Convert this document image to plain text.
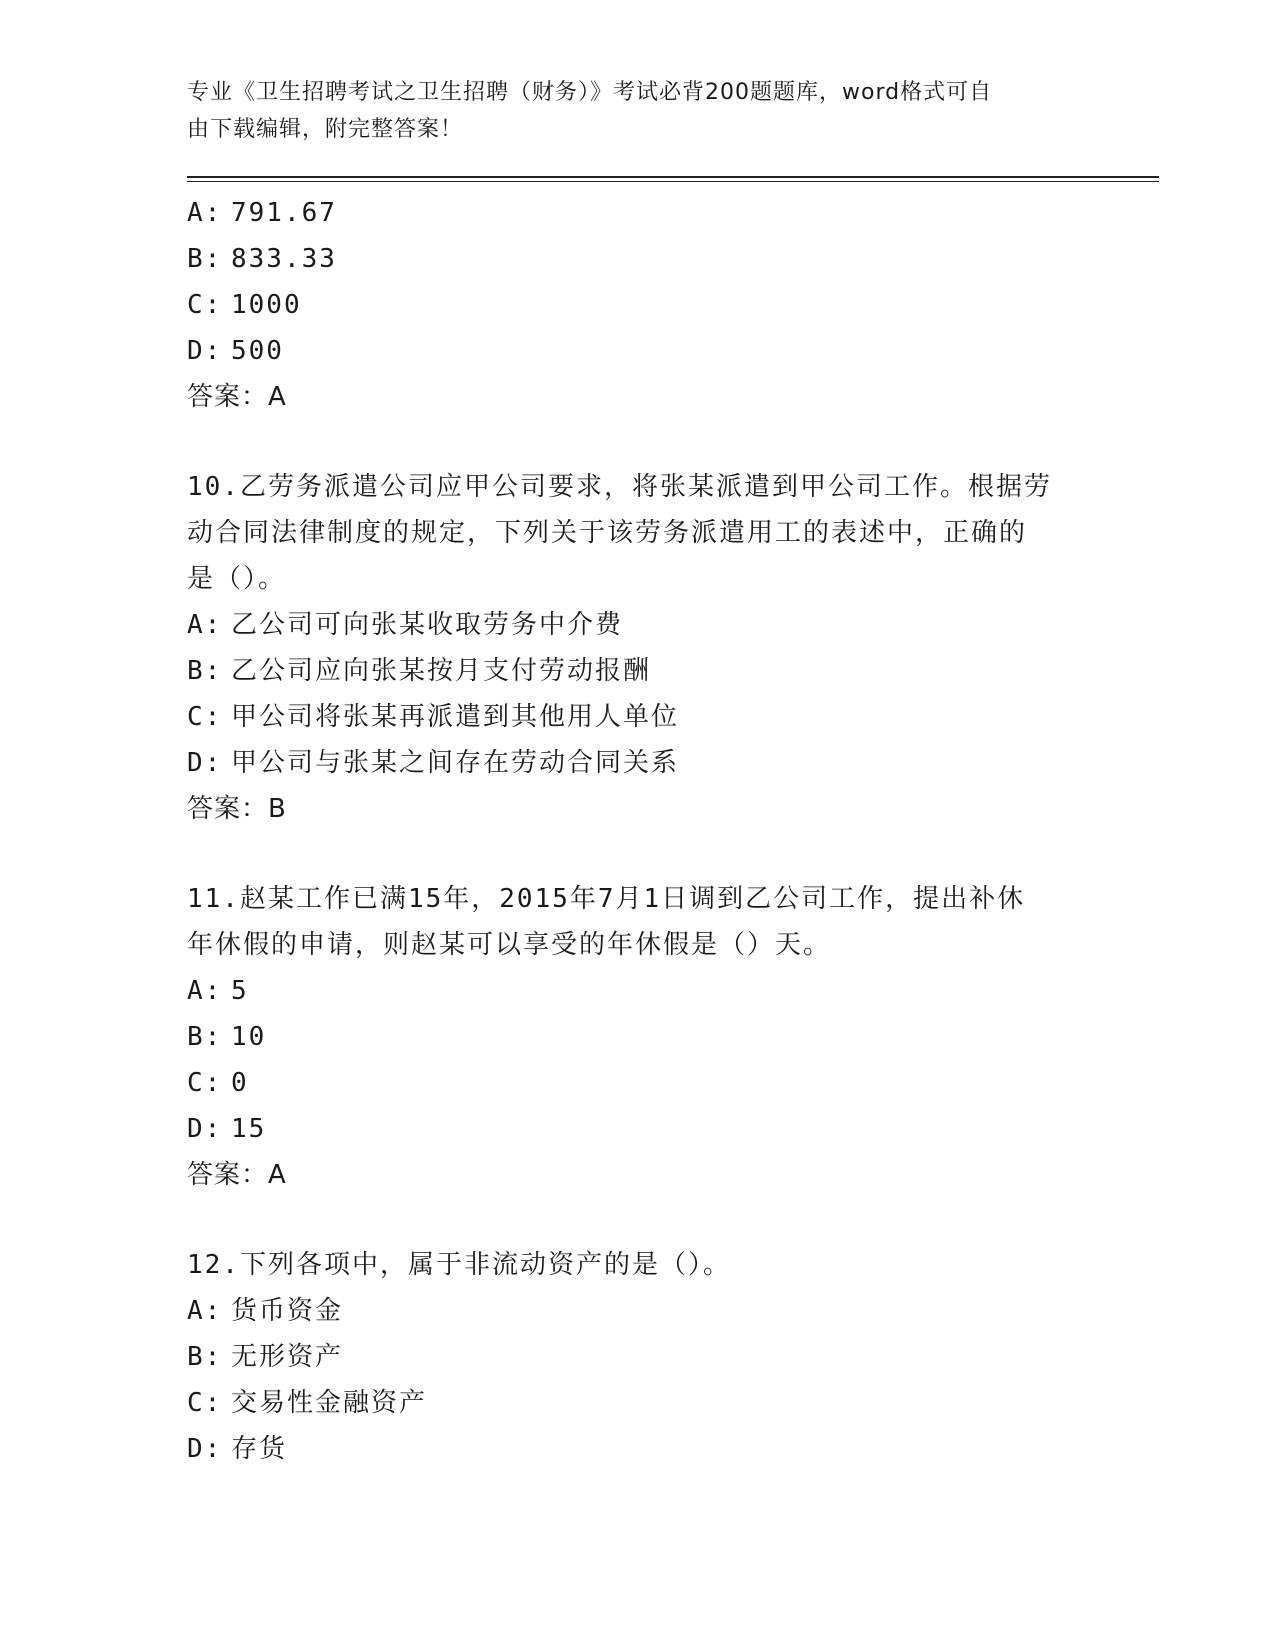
专业《卫生招聘考试之卫生招聘（财务）》考试必背200题题库，word格式可自
由下载编辑，附完整答案！
A: 791.67
B: 833.33
C: 1000
D: 500
答案：A
10.乙劳务派遣公司应甲公司要求，将张某派遣到甲公司工作。根据劳
动合同法律制度的规定，下列关于该劳务派遣用工的表述中，正确的
是（）。
A: 乙公司可向张某收取劳务中介费
B: 乙公司应向张某按月支付劳动报酬
C: 甲公司将张某再派遣到其他用人单位
D: 甲公司与张某之间存在劳动合同关系
答案：B
11.赵某工作已满15年，2015年7月1日调到乙公司工作，提出补休
年休假的申请，则赵某可以享受的年休假是（）天。
A: 5
B: 10
C: 0
D: 15
答案：A
12.下列各项中，属于非流动资产的是（）。
A: 货币资金
B: 无形资产
C: 交易性金融资产
D: 存货
